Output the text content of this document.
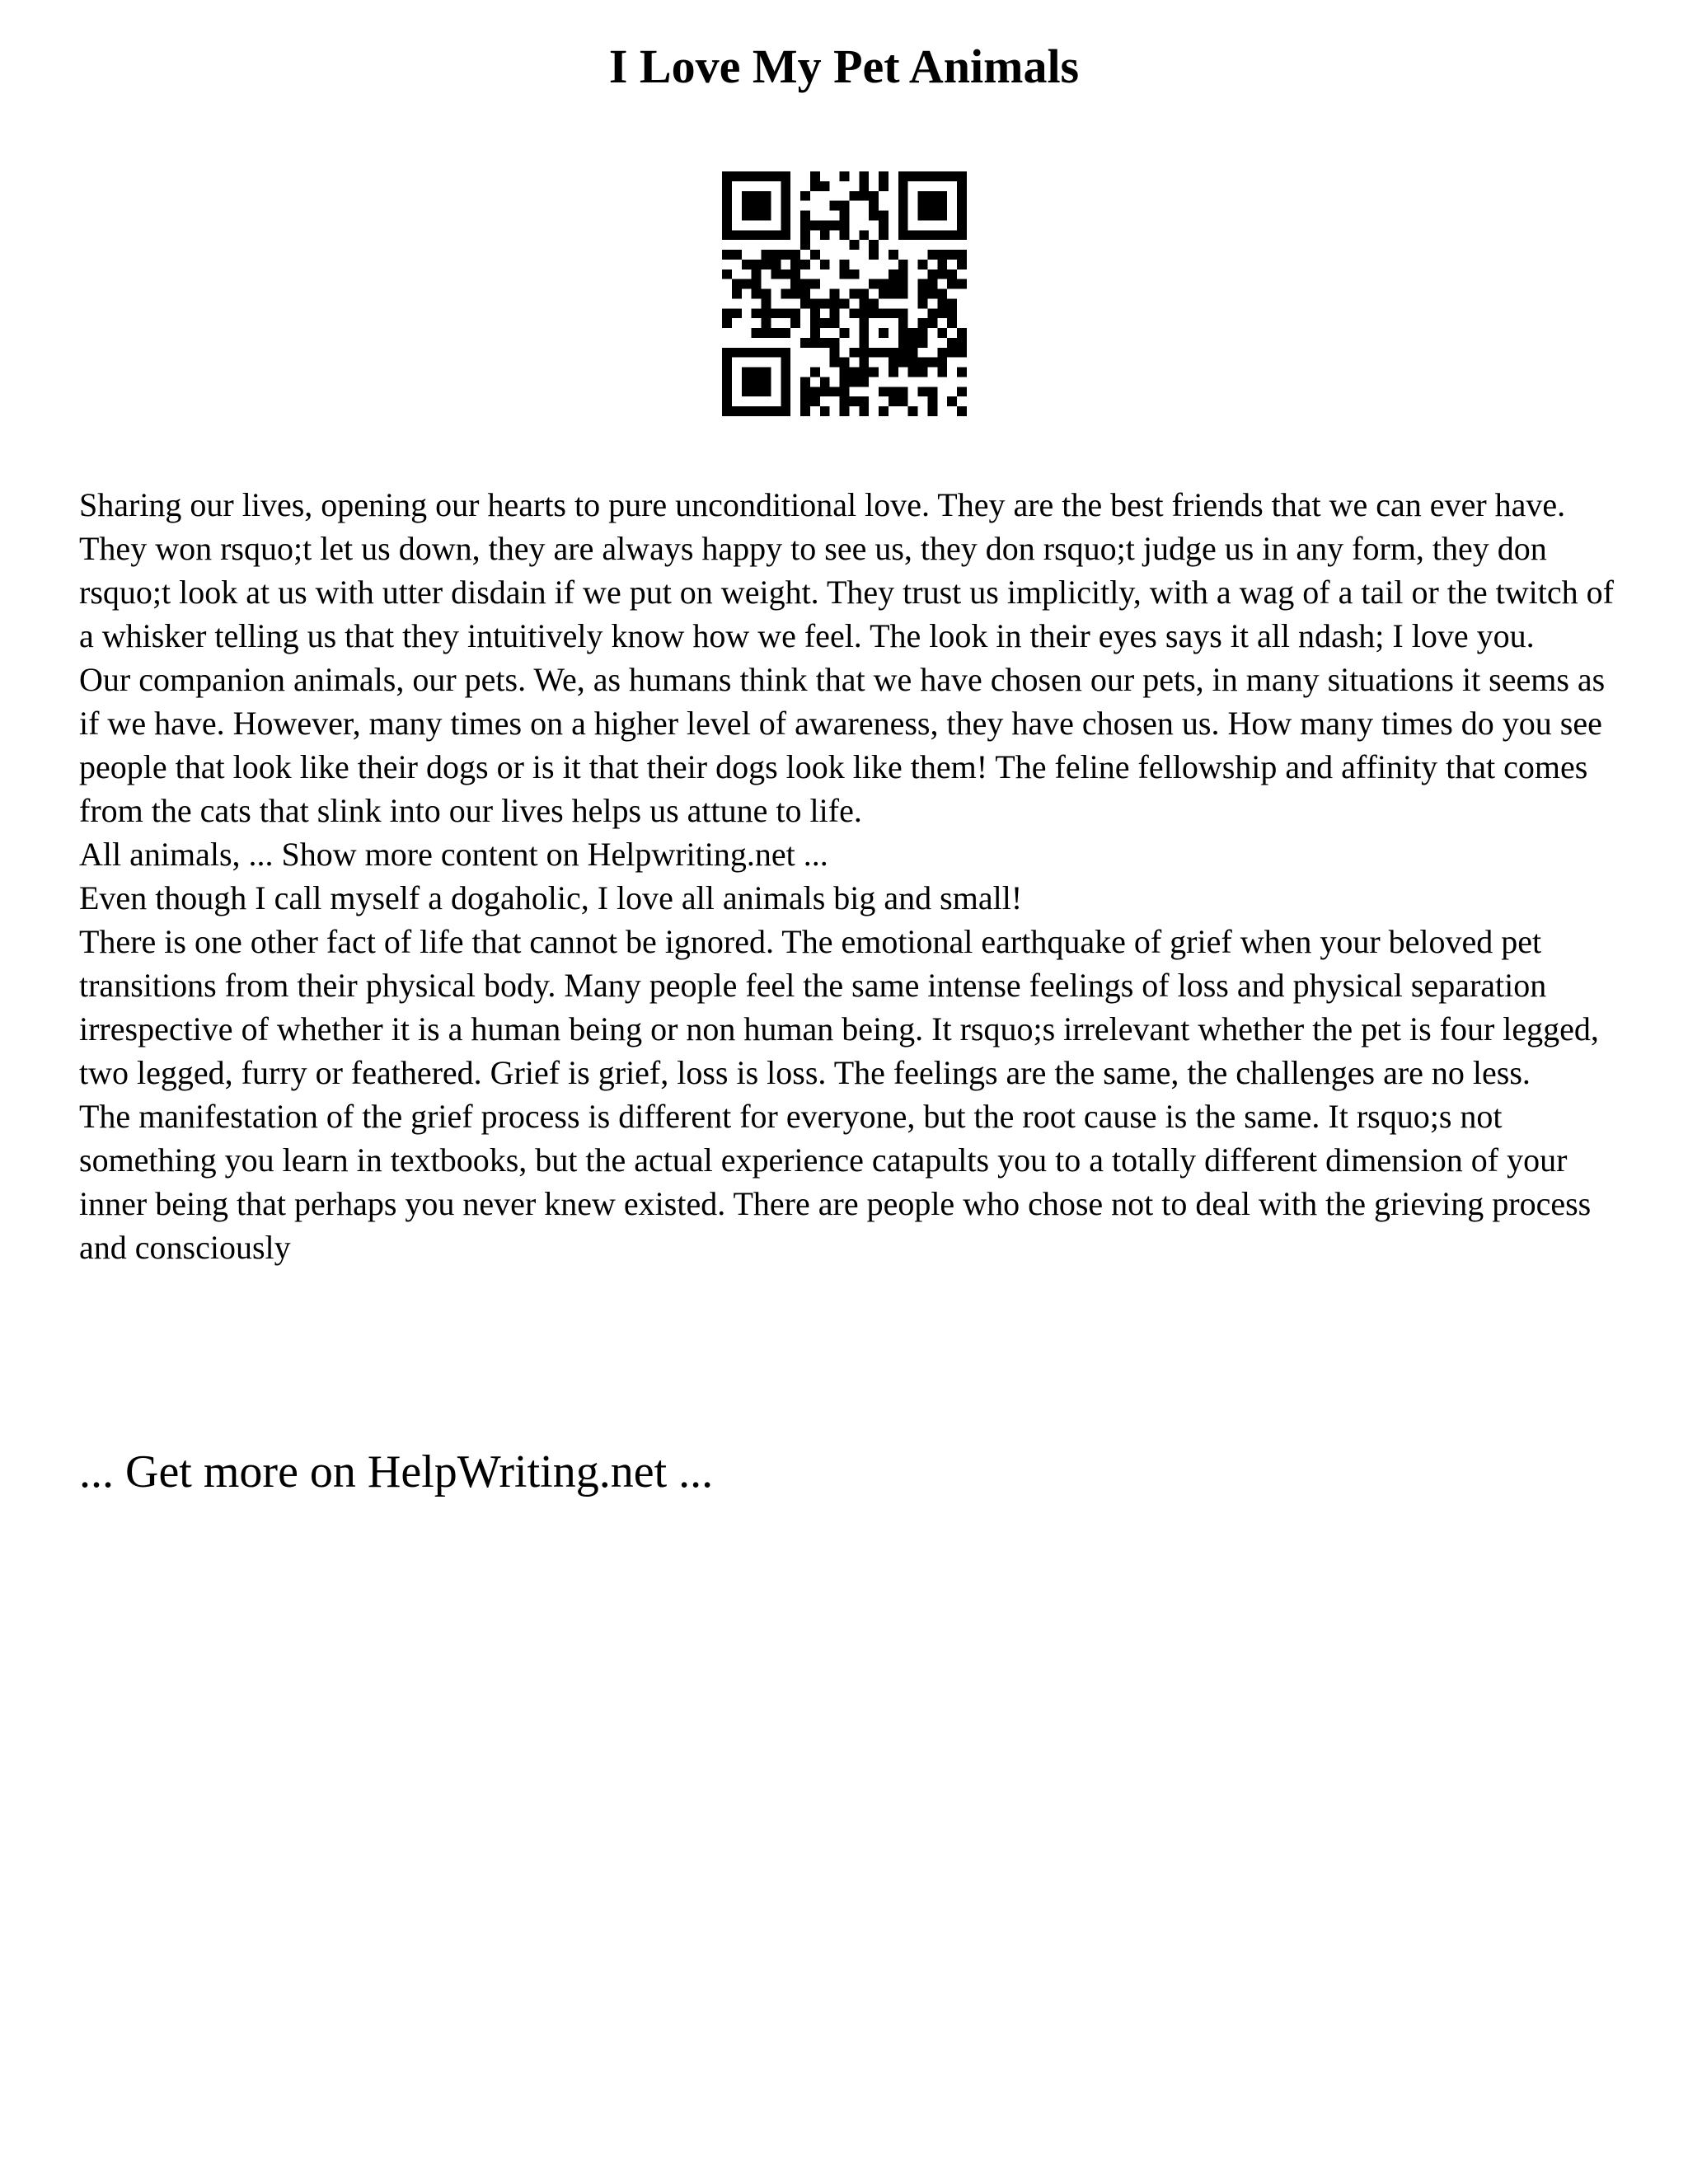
I Love My Pet Animals

Sharing our lives, opening our hearts to pure unconditional love. They are the best friends that we can ever have. They won rsquo;t let us down, they are always happy to see us, they don rsquo;t judge us in any form, they don rsquo;t look at us with utter disdain if we put on weight. They trust us implicitly, with a wag of a tail or the twitch of a whisker telling us that they intuitively know how we feel. The look in their eyes says it all ndash; I love you.

Our companion animals, our pets. We, as humans think that we have chosen our pets, in many situations it seems as if we have. However, many times on a higher level of awareness, they have chosen us. How many times do you see people that look like their dogs or is it that their dogs look like them! The feline fellowship and affinity that comes from the cats that slink into our lives helps us attune to life.

All animals, ... Show more content on Helpwriting.net ...

Even though I call myself a dogaholic, I love all animals big and small!

There is one other fact of life that cannot be ignored. The emotional earthquake of grief when your beloved pet transitions from their physical body. Many people feel the same intense feelings of loss and physical separation irrespective of whether it is a human being or non human being. It rsquo;s irrelevant whether the pet is four legged, two legged, furry or feathered. Grief is grief, loss is loss. The feelings are the same, the challenges are no less.

The manifestation of the grief process is different for everyone, but the root cause is the same. It rsquo;s not something you learn in textbooks, but the actual experience catapults you to a totally different dimension of your inner being that perhaps you never knew existed. There are people who chose not to deal with the grieving process and consciously

... Get more on HelpWriting.net ...
